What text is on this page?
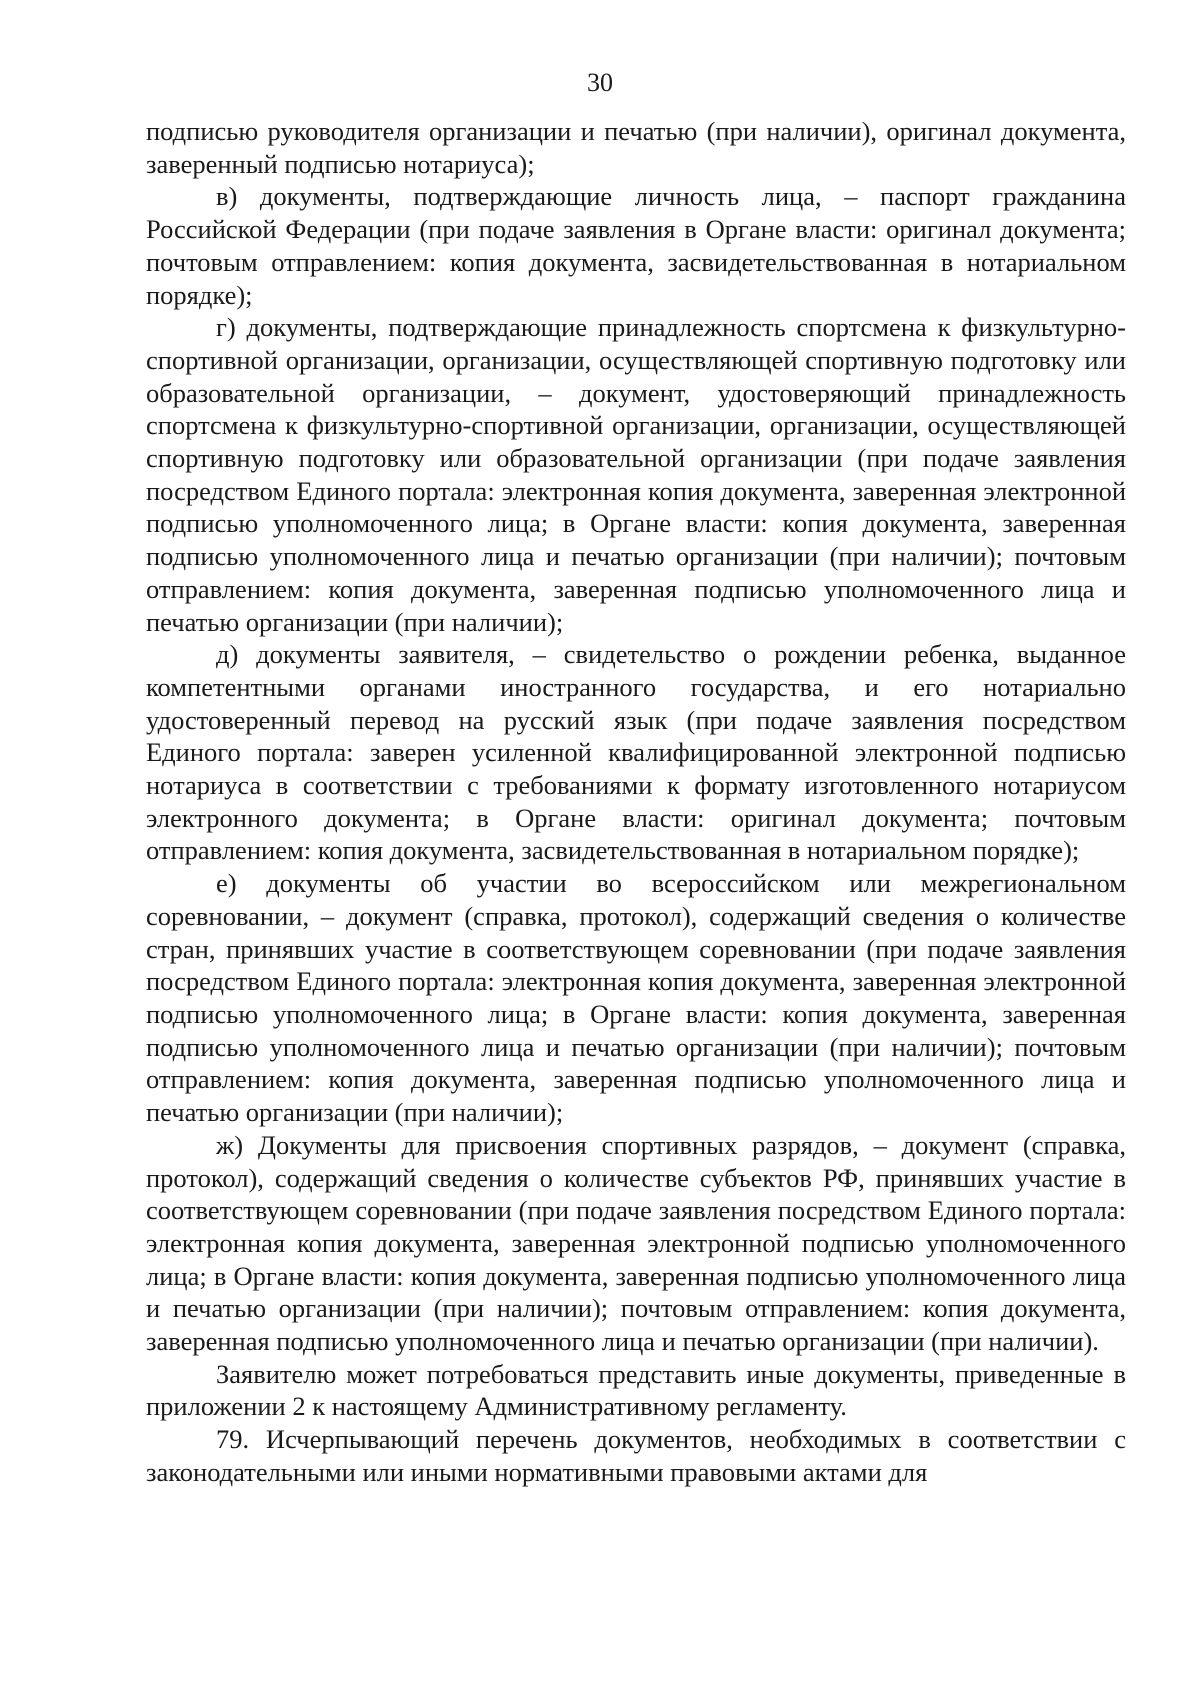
30

подписью руководителя организации и печатью (при наличии), оригинал документа, заверенный подписью нотариуса);

в) документы, подтверждающие личность лица, – паспорт гражданина Российской Федерации (при подаче заявления в Органе власти: оригинал документа; почтовым отправлением: копия документа, засвидетельствованная в нотариальном порядке);

г) документы, подтверждающие принадлежность спортсмена к физкультурно-спортивной организации, организации, осуществляющей спортивную подготовку или образовательной организации, – документ, удостоверяющий принадлежность спортсмена к физкультурно-спортивной организации, организации, осуществляющей спортивную подготовку или образовательной организации (при подаче заявления посредством Единого портала: электронная копия документа, заверенная электронной подписью уполномоченного лица; в Органе власти: копия документа, заверенная подписью уполномоченного лица и печатью организации (при наличии); почтовым отправлением: копия документа, заверенная подписью уполномоченного лица и печатью организации (при наличии);

д) документы заявителя, – свидетельство о рождении ребенка, выданное компетентными органами иностранного государства, и его нотариально удостоверенный перевод на русский язык (при подаче заявления посредством Единого портала: заверен усиленной квалифицированной электронной подписью нотариуса в соответствии с требованиями к формату изготовленного нотариусом электронного документа; в Органе власти: оригинал документа; почтовым отправлением: копия документа, засвидетельствованная в нотариальном порядке);

е) документы об участии во всероссийском или межрегиональном соревновании, – документ (справка, протокол), содержащий сведения о количестве стран, принявших участие в соответствующем соревновании (при подаче заявления посредством Единого портала: электронная копия документа, заверенная электронной подписью уполномоченного лица; в Органе власти: копия документа, заверенная подписью уполномоченного лица и печатью организации (при наличии); почтовым отправлением: копия документа, заверенная подписью уполномоченного лица и печатью организации (при наличии);

ж) Документы для присвоения спортивных разрядов, – документ (справка, протокол), содержащий сведения о количестве субъектов РФ, принявших участие в соответствующем соревновании (при подаче заявления посредством Единого портала: электронная копия документа, заверенная электронной подписью уполномоченного лица; в Органе власти: копия документа, заверенная подписью уполномоченного лица и печатью организации (при наличии); почтовым отправлением: копия документа, заверенная подписью уполномоченного лица и печатью организации (при наличии).

Заявителю может потребоваться представить иные документы, приведенные в приложении 2 к настоящему Административному регламенту.

79. Исчерпывающий перечень документов, необходимых в соответствии с законодательными или иными нормативными правовыми актами для
